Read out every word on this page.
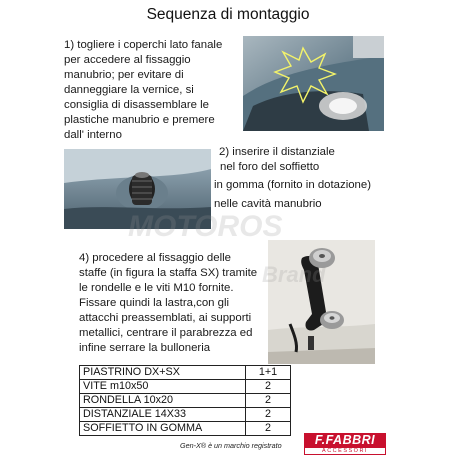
Sequenza di montaggio
1) togliere i coperchi lato fanale
per accedere al fissaggio
manubrio; per evitare di
danneggiare la vernice, si
consiglia di disassemblare le
plastiche manubrio e premere
dall' interno
2) inserire il distanziale
nel foro del soffietto
in gomma (fornito in dotazione)
nelle cavità manubrio
4) procedere al fissaggio delle
staffe (in figura la staffa SX) tramite
le rondelle e le viti M10 fornite.
Fissare quindi la lastra,con gli
attacchi preassemblati, ai supporti
metallici, centrare il parabrezza ed
infine serrare la bulloneria
PIASTRINO DX+SX	1+1
VITE m10x50	2
RONDELLA 10x20	2
DISTANZIALE 14X33	2
SOFFIETTO IN GOMMA	2
Gen-X® è un marchio registrato	F.FABBRI
ACCESSORI
MOTOROS
Brand
